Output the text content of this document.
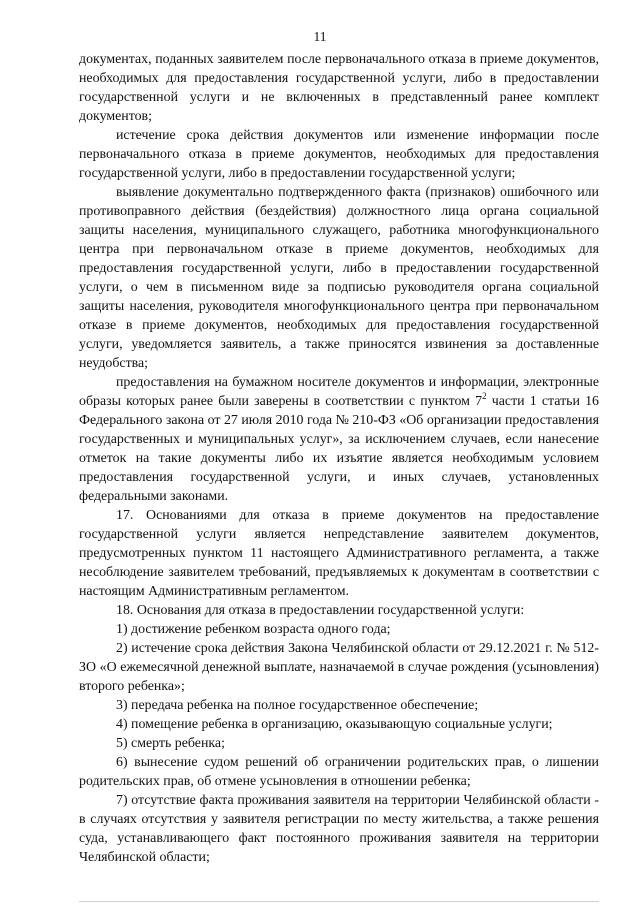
11

документах, поданных заявителем после первоначального отказа в приеме документов, необходимых для предоставления государственной услуги, либо в предоставлении государственной услуги и не включенных в представленный ранее комплект документов;

истечение срока действия документов или изменение информации после первоначального отказа в приеме документов, необходимых для предоставления государственной услуги, либо в предоставлении государственной услуги;

выявление документально подтвержденного факта (признаков) ошибочного или противоправного действия (бездействия) должностного лица органа социальной защиты населения, муниципального служащего, работника многофункционального центра при первоначальном отказе в приеме документов, необходимых для предоставления государственной услуги, либо в предоставлении государственной услуги, о чем в письменном виде за подписью руководителя органа социальной защиты населения, руководителя многофункционального центра при первоначальном отказе в приеме документов, необходимых для предоставления государственной услуги, уведомляется заявитель, а также приносятся извинения за доставленные неудобства;

предоставления на бумажном носителе документов и информации, электронные образы которых ранее были заверены в соответствии с пунктом $7^2$ части 1 статьи 16 Федерального закона от 27 июля 2010 года № 210-ФЗ «Об организации предоставления государственных и муниципальных услуг», за исключением случаев, если нанесение отметок на такие документы либо их изъятие является необходимым условием предоставления государственной услуги, и иных случаев, установленных федеральными законами.

17. Основаниями для отказа в приеме документов на предоставление государственной услуги является непредставление заявителем документов, предусмотренных пунктом 11 настоящего Административного регламента, а также несоблюдение заявителем требований, предъявляемых к документам в соответствии с настоящим Административным регламентом.

18. Основания для отказа в предоставлении государственной услуги:

1) достижение ребенком возраста одного года;

2) истечение срока действия Закона Челябинской области от 29.12.2021 г. № 512-ЗО «О ежемесячной денежной выплате, назначаемой в случае рождения (усыновления) второго ребенка»;

3) передача ребенка на полное государственное обеспечение;

4) помещение ребенка в организацию, оказывающую социальные услуги;

5) смерть ребенка;

6) вынесение судом решений об ограничении родительских прав, о лишении родительских прав, об отмене усыновления в отношении ребенка;

7) отсутствие факта проживания заявителя на территории Челябинской области - в случаях отсутствия у заявителя регистрации по месту жительства, а также решения суда, устанавливающего факт постоянного проживания заявителя на территории Челябинской области;
